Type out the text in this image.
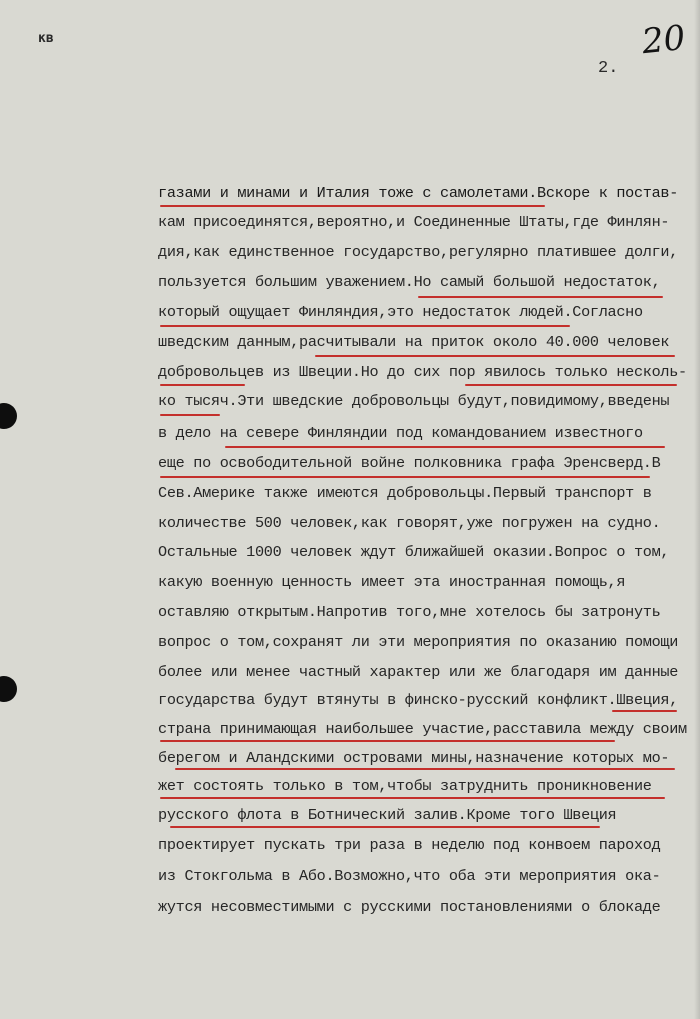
кв
2.
20
газами и минами и Италия тоже с самолетами.Вскоре к постав-
кам присоединятся,вероятно,и Соединенные Штаты,где Финлян-
дия,как единственное государство,регулярно платившее долги,
пользуется большим уважением.Но самый большой недостаток,
который ощущает Финляндия,это недостаток людей.Согласно
шведским данным,расчитывали на приток около 40.000 человек
добровольцев из Швеции.Но до сих пор явилось только несколь-
ко тысяч.Эти шведские добровольцы будут,повидимому,введены
в дело на севере Финляндии под командованием известного
еще по освободительной войне полковника графа Эренсверд.В
Сев.Америке также имеются добровольцы.Первый транспорт в
количестве 500 человек,как говорят,уже погружен на судно.
Остальные 1000 человек ждут ближайшей оказии.Вопрос о том,
какую военную ценность имеет эта иностранная помощь,я
оставляю открытым.Напротив того,мне хотелось бы затронуть
вопрос о том,сохранят ли эти мероприятия по оказанию помощи
более или менее частный характер или же благодаря им данные
государства будут втянуты в финско-русский конфликт.Швеция,
страна принимающая наибольшее участие,расставила между своим
берегом и Аландскими островами мины,назначение которых мо-
жет состоять только в том,чтобы затруднить проникновение
русского флота в Ботнический залив.Кроме того Швеция
проектирует пускать три раза в неделю под конвоем пароход
из Стокгольма в Або.Возможно,что оба эти мероприятия ока-
жутся несовместимыми с русскими постановлениями о блокаде
